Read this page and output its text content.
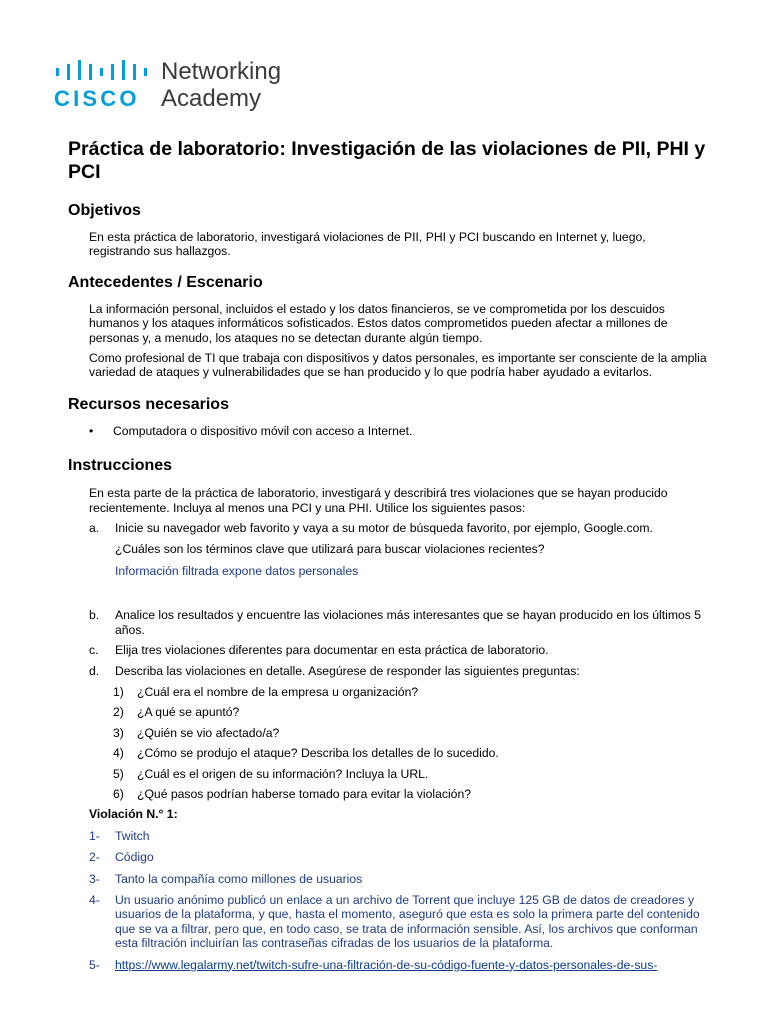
CISCO
Networking
Academy
Práctica de laboratorio: Investigación de las violaciones de PII, PHI y PCI
Objetivos

En esta práctica de laboratorio, investigará violaciones de PII, PHI y PCI buscando en Internet y, luego, registrando sus hallazgos.

Antecedentes / Escenario

La información personal, incluidos el estado y los datos financieros, se ve comprometida por los descuidos humanos y los ataques informáticos sofisticados. Estos datos comprometidos pueden afectar a millones de personas y, a menudo, los ataques no se detectan durante algún tiempo.

Como profesional de TI que trabaja con dispositivos y datos personales, es importante ser consciente de la amplia variedad de ataques y vulnerabilidades que se han producido y lo que podría haber ayudado a evitarlos.

Recursos necesarios
•	Computadora o dispositivo móvil con acceso a Internet.
Instrucciones

En esta parte de la práctica de laboratorio, investigará y describirá tres violaciones que se hayan producido recientemente. Incluya al menos una PCI y una PHI. Utilice los siguientes pasos:

a.	Inicie su navegador web favorito y vaya a su motor de búsqueda favorito, por ejemplo, Google.com.

¿Cuáles son los términos clave que utilizará para buscar violaciones recientes?

Información filtrada expone datos personales

b.	Analice los resultados y encuentre las violaciones más interesantes que se hayan producido en los últimos 5 años.
c.	Elija tres violaciones diferentes para documentar en esta práctica de laboratorio.
d.	Describa las violaciones en detalle. Asegúrese de responder las siguientes preguntas:
1)	¿Cuál era el nombre de la empresa u organización?
2)	¿A qué se apuntó?
3)	¿Quién se vio afectado/a?
4)	¿Cómo se produjo el ataque? Describa los detalles de lo sucedido.
5)	¿Cuál es el origen de su información? Incluya la URL.
6)	¿Qué pasos podrían haberse tomado para evitar la violación?

Violación N.° 1:

1-	Twitch
2-	Código
3-	Tanto la compañía como millones de usuarios
4-	Un usuario anónimo publicó un enlace a un archivo de Torrent que incluye 125 GB de datos de creadores y usuarios de la plataforma, y que, hasta el momento, aseguró que esta es solo la primera parte del contenido que se va a filtrar, pero que, en todo caso, se trata de información sensible. Así, los archivos que conforman esta filtración incluirían las contraseñas cifradas de los usuarios de la plataforma.
5-	https://www.legalarmy.net/twitch-sufre-una-filtración-de-su-código-fuente-y-datos-personales-de-sus-
